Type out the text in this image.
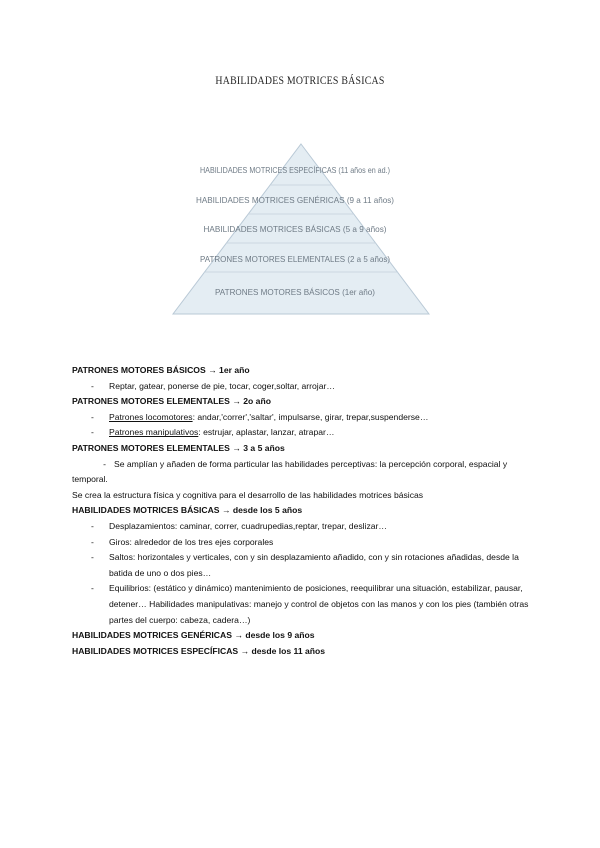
HABILIDADES MOTRICES BÁSICAS
HABILIDADES MOTRICES ESPECÍFICAS (11 años en ad.)
HABILIDADES MOTRICES GENÉRICAS (9 a 11 años)
HABILIDADES MOTRICES BÁSICAS (5 a 9 años)
PATRONES MOTORES ELEMENTALES (2 a 5 años)
PATRONES MOTORES BÁSICOS (1er año)
PATRONES MOTORES BÁSICOS → 1er año
- Reptar, gatear, ponerse de pie, tocar, coger,soltar, arrojar…
PATRONES MOTORES ELEMENTALES → 2o año
- Patrones locomotores: andar,'correr','saltar', impulsarse, girar, trepar,suspenderse…
- Patrones manipulativos: estrujar, aplastar, lanzar, atrapar…
PATRONES MOTORES ELEMENTALES → 3 a 5 años
- Se amplían y añaden de forma particular las habilidades perceptivas: la percepción corporal, espacial y temporal.
Se crea la estructura física y cognitiva para el desarrollo de las habilidades motrices básicas
HABILIDADES MOTRICES BÁSICAS → desde los 5 años
- Desplazamientos: caminar, correr, cuadrupedias,reptar, trepar, deslizar…
- Giros: alrededor de los tres ejes corporales
- Saltos: horizontales y verticales, con y sin desplazamiento añadido, con y sin rotaciones añadidas, desde la batida de uno o dos pies…
- Equilibrios: (estático y dinámico) mantenimiento de posiciones, reequilibrar una situación, estabilizar, pausar, detener… Habilidades manipulativas: manejo y control de objetos con las manos y con los pies (también otras partes del cuerpo: cabeza, cadera…)
HABILIDADES MOTRICES GENÉRICAS → desde los 9 años
HABILIDADES MOTRICES ESPECÍFICAS → desde los 11 años
